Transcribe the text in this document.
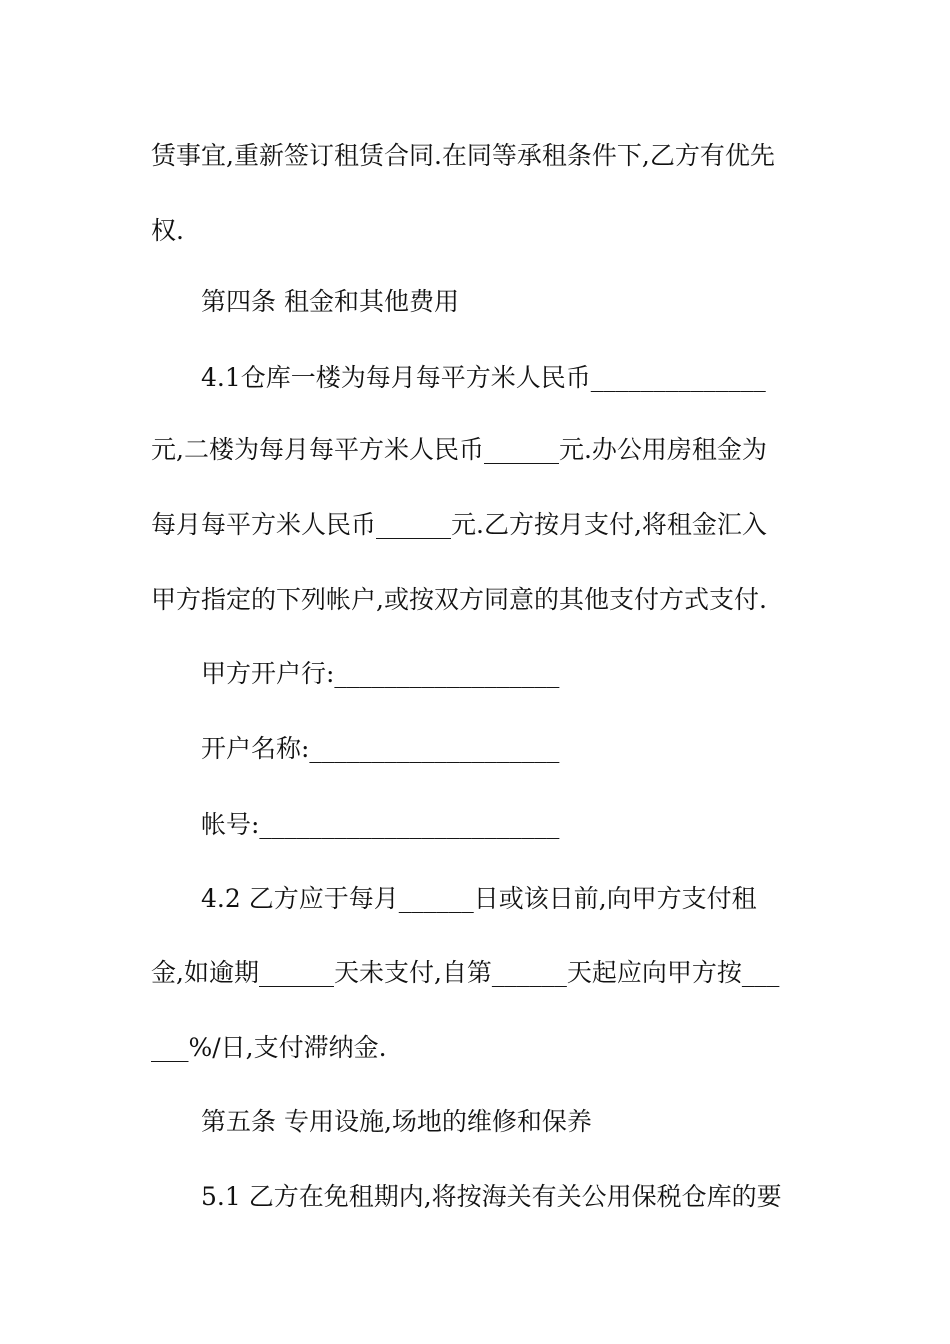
赁事宜,重新签订租赁合同.在同等承租条件下,乙方有优先

权.

第四条 租金和其他费用

4.1仓库一楼为每月每平方米人民币______________

元,二楼为每月每平方米人民币______元.办公用房租金为

每月每平方米人民币______元.乙方按月支付,将租金汇入

甲方指定的下列帐户,或按双方同意的其他支付方式支付.

甲方开户行:__________________

开户名称:____________________

帐号:________________________

4.2 乙方应于每月______日或该日前,向甲方支付租

金,如逾期______天未支付,自第______天起应向甲方按___

___%/日,支付滞纳金.

第五条 专用设施,场地的维修和保养

5.1 乙方在免租期内,将按海关有关公用保税仓库的要
